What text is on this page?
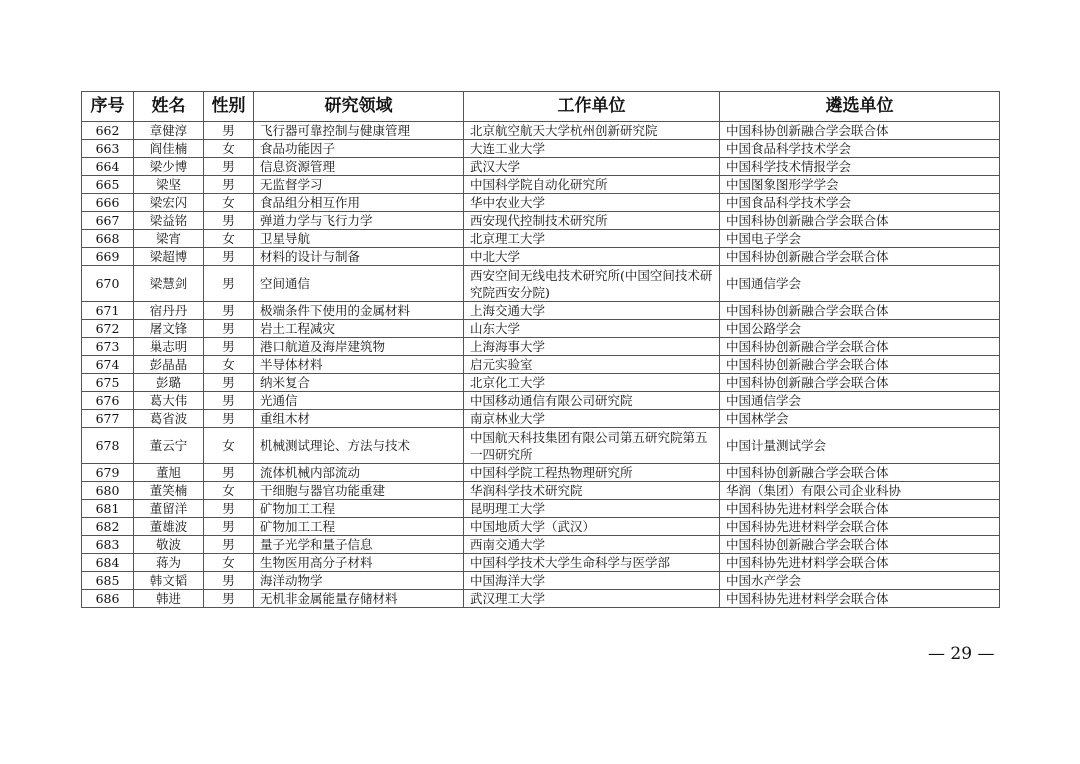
序号	姓名	性别	研究领域	工作单位	遴选单位
662	章健淳	男	飞行器可靠控制与健康管理	北京航空航天大学杭州创新研究院	中国科协创新融合学会联合体
663	阎佳楠	女	食品功能因子	大连工业大学	中国食品科学技术学会
664	梁少博	男	信息资源管理	武汉大学	中国科学技术情报学会
665	梁坚	男	无监督学习	中国科学院自动化研究所	中国图象图形学学会
666	梁宏闪	女	食品组分相互作用	华中农业大学	中国食品科学技术学会
667	梁益铭	男	弹道力学与飞行力学	西安现代控制技术研究所	中国科协创新融合学会联合体
668	梁宵	女	卫星导航	北京理工大学	中国电子学会
669	梁超博	男	材料的设计与制备	中北大学	中国科协创新融合学会联合体
670	梁慧剑	男	空间通信	西安空间无线电技术研究所(中国空间技术研究院西安分院)	中国通信学会
671	宿丹丹	男	极端条件下使用的金属材料	上海交通大学	中国科协创新融合学会联合体
672	屠文锋	男	岩土工程减灾	山东大学	中国公路学会
673	巢志明	男	港口航道及海岸建筑物	上海海事大学	中国科协创新融合学会联合体
674	彭晶晶	女	半导体材料	启元实验室	中国科协创新融合学会联合体
675	彭璐	男	纳米复合	北京化工大学	中国科协创新融合学会联合体
676	葛大伟	男	光通信	中国移动通信有限公司研究院	中国通信学会
677	葛省波	男	重组木材	南京林业大学	中国林学会
678	董云宁	女	机械测试理论、方法与技术	中国航天科技集团有限公司第五研究院第五一四研究所	中国计量测试学会
679	董旭	男	流体机械内部流动	中国科学院工程热物理研究所	中国科协创新融合学会联合体
680	董笑楠	女	干细胞与器官功能重建	华润科学技术研究院	华润（集团）有限公司企业科协
681	董留洋	男	矿物加工工程	昆明理工大学	中国科协先进材料学会联合体
682	董雄波	男	矿物加工工程	中国地质大学（武汉）	中国科协先进材料学会联合体
683	敬波	男	量子光学和量子信息	西南交通大学	中国科协创新融合学会联合体
684	蒋为	女	生物医用高分子材料	中国科学技术大学生命科学与医学部	中国科协先进材料学会联合体
685	韩文韬	男	海洋动物学	中国海洋大学	中国水产学会
686	韩进	男	无机非金属能量存储材料	武汉理工大学	中国科协先进材料学会联合体
— 29 —
